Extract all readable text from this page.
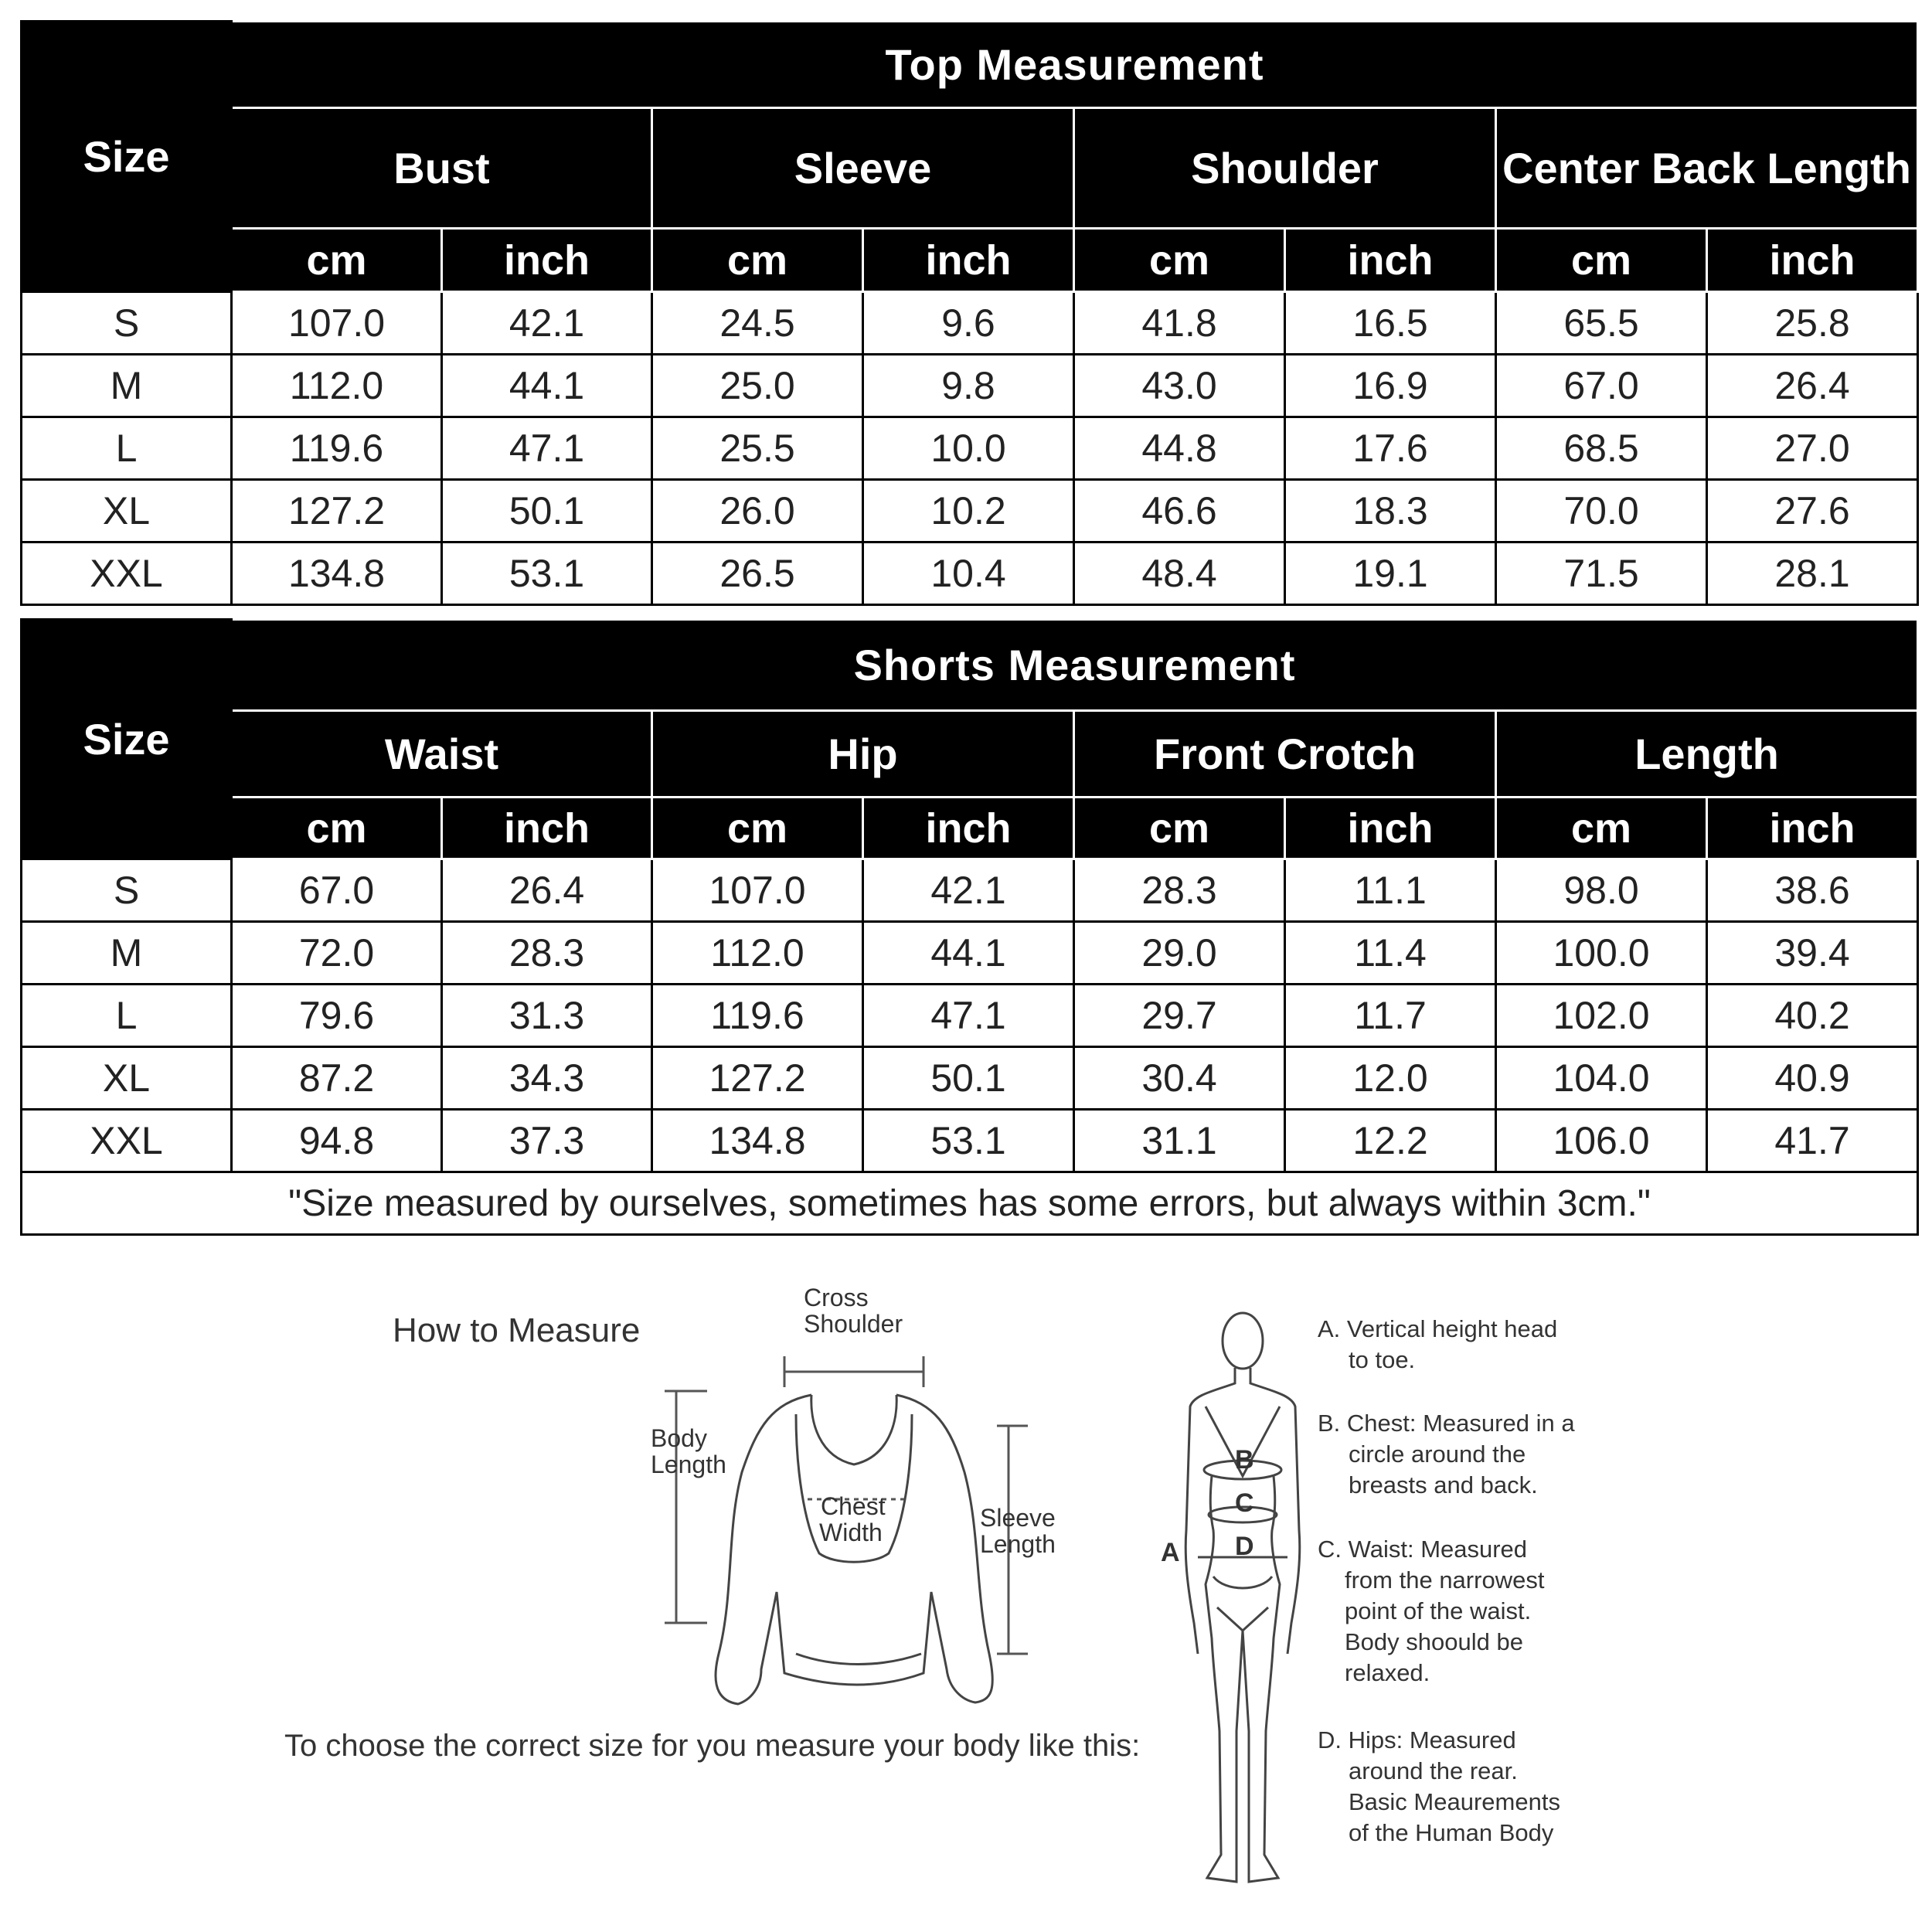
Size	Top Measurement							
	Bust		Sleeve		Shoulder		Center Back Length	
	cm	inch	cm	inch	cm	inch	cm	inch
S	107.0	42.1	24.5	9.6	41.8	16.5	65.5	25.8
M	112.0	44.1	25.0	9.8	43.0	16.9	67.0	26.4
L	119.6	47.1	25.5	10.0	44.8	17.6	68.5	27.0
XL	127.2	50.1	26.0	10.2	46.6	18.3	70.0	27.6
XXL	134.8	53.1	26.5	10.4	48.4	19.1	71.5	28.1
Size	Shorts Measurement							
	Waist		Hip		Front Crotch		Length	
	cm	inch	cm	inch	cm	inch	cm	inch
S	67.0	26.4	107.0	42.1	28.3	11.1	98.0	38.6
M	72.0	28.3	112.0	44.1	29.0	11.4	100.0	39.4
L	79.6	31.3	119.6	47.1	29.7	11.7	102.0	40.2
XL	87.2	34.3	127.2	50.1	30.4	12.0	104.0	40.9
XXL	94.8	37.3	134.8	53.1	31.1	12.2	106.0	41.7
"Size measured by ourselves, sometimes has some errors, but always within 3cm."								
How to Measure
To choose the correct size for you measure your body like this:
Cross
Shoulder
Body
Length
Chest
Width
Sleeve
Length
B
C
D
A
A. Vertical height head
to toe.
B. Chest: Measured in a
circle around the
breasts and back.
C. Waist: Measured
from the narrowest
point of the waist.
Body shoould be
relaxed.
D. Hips: Measured
around the rear.
Basic Meaurements
of the Human Body
